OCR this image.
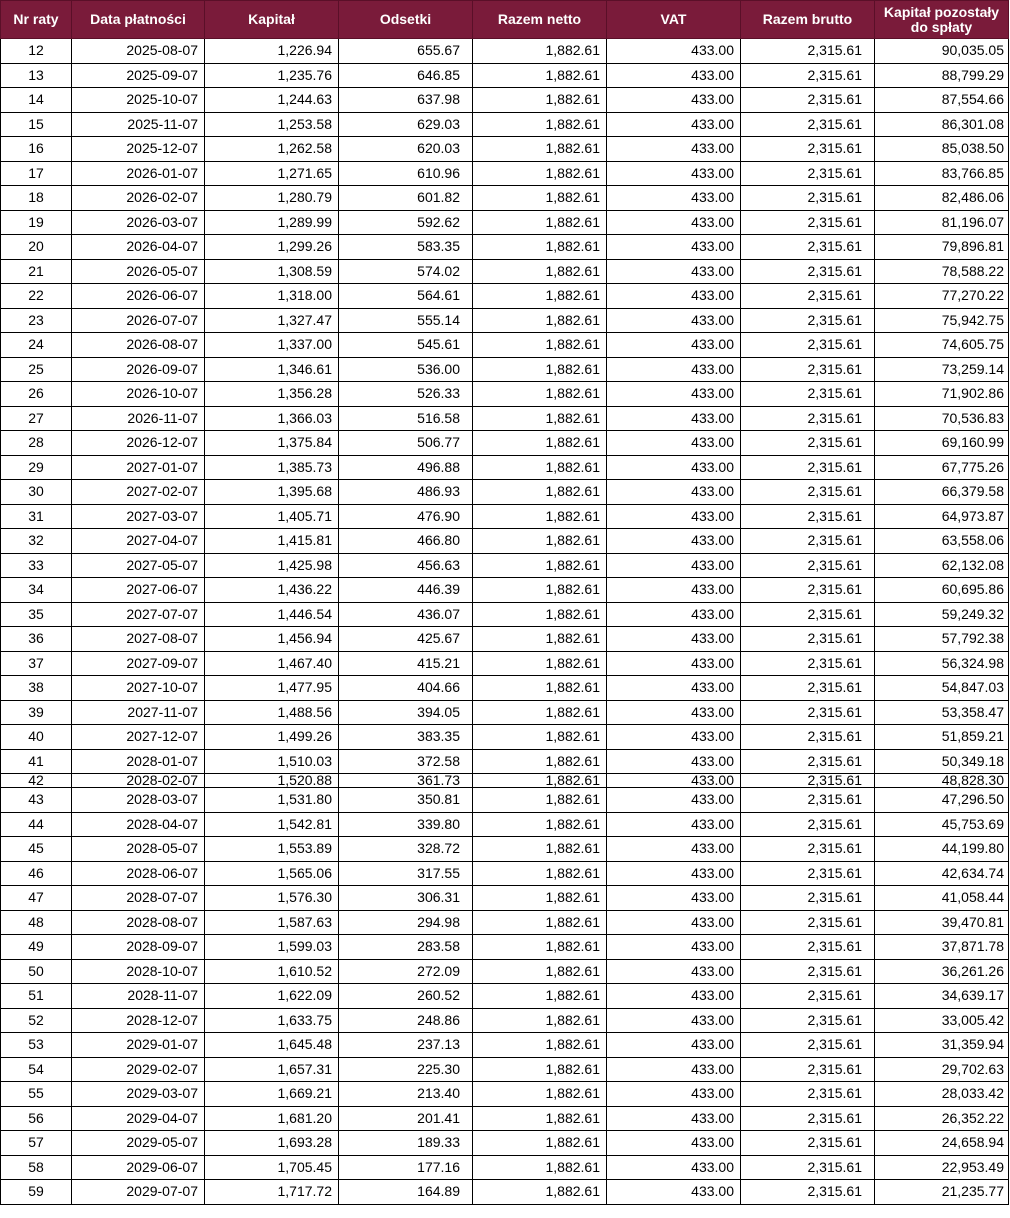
Nr raty	Data płatności	Kapitał	Odsetki	Razem netto	VAT	Razem brutto	Kapitał pozostały do spłaty
12	2025-08-07	1,226.94	655.67	1,882.61	433.00	2,315.61	90,035.05
13	2025-09-07	1,235.76	646.85	1,882.61	433.00	2,315.61	88,799.29
14	2025-10-07	1,244.63	637.98	1,882.61	433.00	2,315.61	87,554.66
15	2025-11-07	1,253.58	629.03	1,882.61	433.00	2,315.61	86,301.08
16	2025-12-07	1,262.58	620.03	1,882.61	433.00	2,315.61	85,038.50
17	2026-01-07	1,271.65	610.96	1,882.61	433.00	2,315.61	83,766.85
18	2026-02-07	1,280.79	601.82	1,882.61	433.00	2,315.61	82,486.06
19	2026-03-07	1,289.99	592.62	1,882.61	433.00	2,315.61	81,196.07
20	2026-04-07	1,299.26	583.35	1,882.61	433.00	2,315.61	79,896.81
21	2026-05-07	1,308.59	574.02	1,882.61	433.00	2,315.61	78,588.22
22	2026-06-07	1,318.00	564.61	1,882.61	433.00	2,315.61	77,270.22
23	2026-07-07	1,327.47	555.14	1,882.61	433.00	2,315.61	75,942.75
24	2026-08-07	1,337.00	545.61	1,882.61	433.00	2,315.61	74,605.75
25	2026-09-07	1,346.61	536.00	1,882.61	433.00	2,315.61	73,259.14
26	2026-10-07	1,356.28	526.33	1,882.61	433.00	2,315.61	71,902.86
27	2026-11-07	1,366.03	516.58	1,882.61	433.00	2,315.61	70,536.83
28	2026-12-07	1,375.84	506.77	1,882.61	433.00	2,315.61	69,160.99
29	2027-01-07	1,385.73	496.88	1,882.61	433.00	2,315.61	67,775.26
30	2027-02-07	1,395.68	486.93	1,882.61	433.00	2,315.61	66,379.58
31	2027-03-07	1,405.71	476.90	1,882.61	433.00	2,315.61	64,973.87
32	2027-04-07	1,415.81	466.80	1,882.61	433.00	2,315.61	63,558.06
33	2027-05-07	1,425.98	456.63	1,882.61	433.00	2,315.61	62,132.08
34	2027-06-07	1,436.22	446.39	1,882.61	433.00	2,315.61	60,695.86
35	2027-07-07	1,446.54	436.07	1,882.61	433.00	2,315.61	59,249.32
36	2027-08-07	1,456.94	425.67	1,882.61	433.00	2,315.61	57,792.38
37	2027-09-07	1,467.40	415.21	1,882.61	433.00	2,315.61	56,324.98
38	2027-10-07	1,477.95	404.66	1,882.61	433.00	2,315.61	54,847.03
39	2027-11-07	1,488.56	394.05	1,882.61	433.00	2,315.61	53,358.47
40	2027-12-07	1,499.26	383.35	1,882.61	433.00	2,315.61	51,859.21
41	2028-01-07	1,510.03	372.58	1,882.61	433.00	2,315.61	50,349.18
42	2028-02-07	1,520.88	361.73	1,882.61	433.00	2,315.61	48,828.30
43	2028-03-07	1,531.80	350.81	1,882.61	433.00	2,315.61	47,296.50
44	2028-04-07	1,542.81	339.80	1,882.61	433.00	2,315.61	45,753.69
45	2028-05-07	1,553.89	328.72	1,882.61	433.00	2,315.61	44,199.80
46	2028-06-07	1,565.06	317.55	1,882.61	433.00	2,315.61	42,634.74
47	2028-07-07	1,576.30	306.31	1,882.61	433.00	2,315.61	41,058.44
48	2028-08-07	1,587.63	294.98	1,882.61	433.00	2,315.61	39,470.81
49	2028-09-07	1,599.03	283.58	1,882.61	433.00	2,315.61	37,871.78
50	2028-10-07	1,610.52	272.09	1,882.61	433.00	2,315.61	36,261.26
51	2028-11-07	1,622.09	260.52	1,882.61	433.00	2,315.61	34,639.17
52	2028-12-07	1,633.75	248.86	1,882.61	433.00	2,315.61	33,005.42
53	2029-01-07	1,645.48	237.13	1,882.61	433.00	2,315.61	31,359.94
54	2029-02-07	1,657.31	225.30	1,882.61	433.00	2,315.61	29,702.63
55	2029-03-07	1,669.21	213.40	1,882.61	433.00	2,315.61	28,033.42
56	2029-04-07	1,681.20	201.41	1,882.61	433.00	2,315.61	26,352.22
57	2029-05-07	1,693.28	189.33	1,882.61	433.00	2,315.61	24,658.94
58	2029-06-07	1,705.45	177.16	1,882.61	433.00	2,315.61	22,953.49
59	2029-07-07	1,717.72	164.89	1,882.61	433.00	2,315.61	21,235.77
